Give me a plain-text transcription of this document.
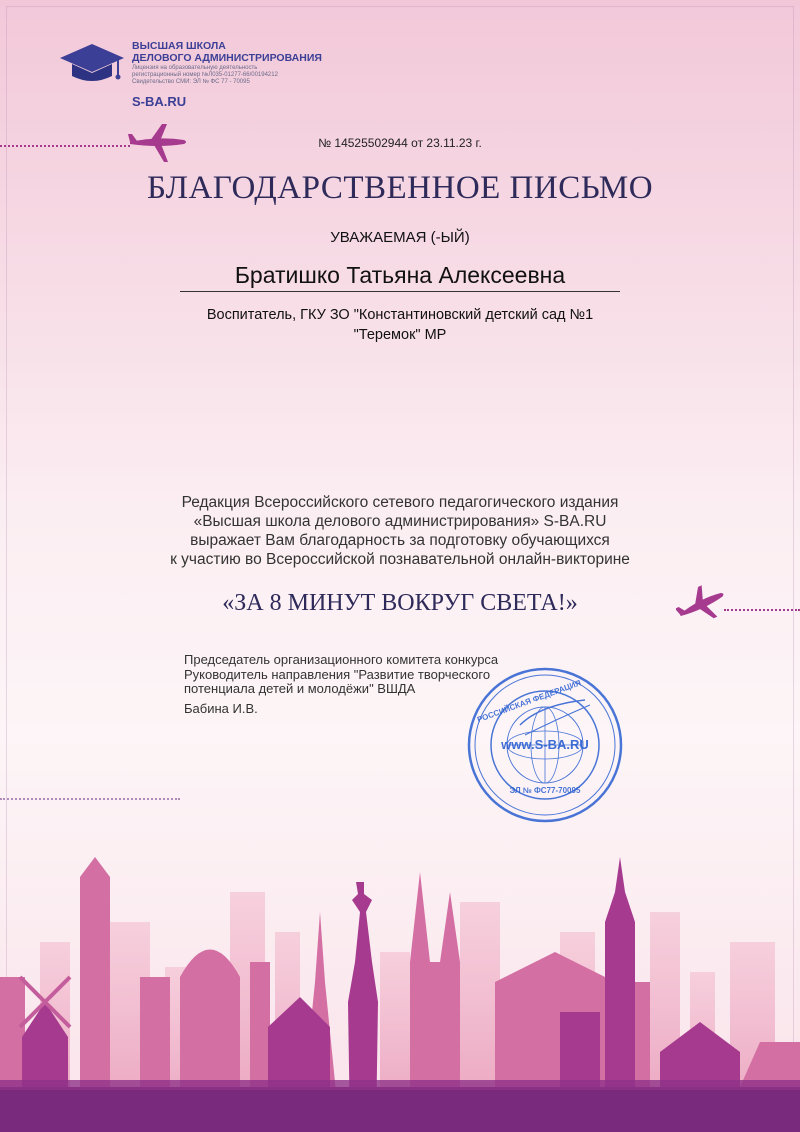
ВЫСШАЯ ШКОЛА
ДЕЛОВОГО АДМИНИСТРИРОВАНИЯ
Лицензия на образовательную деятельность
регистрационный номер №Л035-01277-66/00194212
Свидетельство СМИ: ЭЛ № ФС 77 - 70095
S-BA.RU
№ 14525502944 от 23.11.23 г.
БЛАГОДАРСТВЕННОЕ ПИСЬМО
УВАЖАЕМАЯ (-ЫЙ)
Братишко Татьяна Алексеевна
Воспитатель, ГКУ ЗО "Константиновский детский сад №1
"Теремок" МР
Редакция Всероссийского сетевого педагогического издания
«Высшая школа делового администрирования» S-BA.RU
выражает Вам благодарность за подготовку обучающихся
к участию во Всероссийской познавательной онлайн-викторине
«ЗА 8 МИНУТ ВОКРУГ СВЕТА!»
Председатель организационного комитета конкурса
Руководитель направления "Развитие творческого
потенциала детей и молодёжи" ВШДА
Бабина И.В.
www.S-BA.RU
РОССИЙСКАЯ ФЕДЕРАЦИЯ
ЭЛ № ФС77-70095
